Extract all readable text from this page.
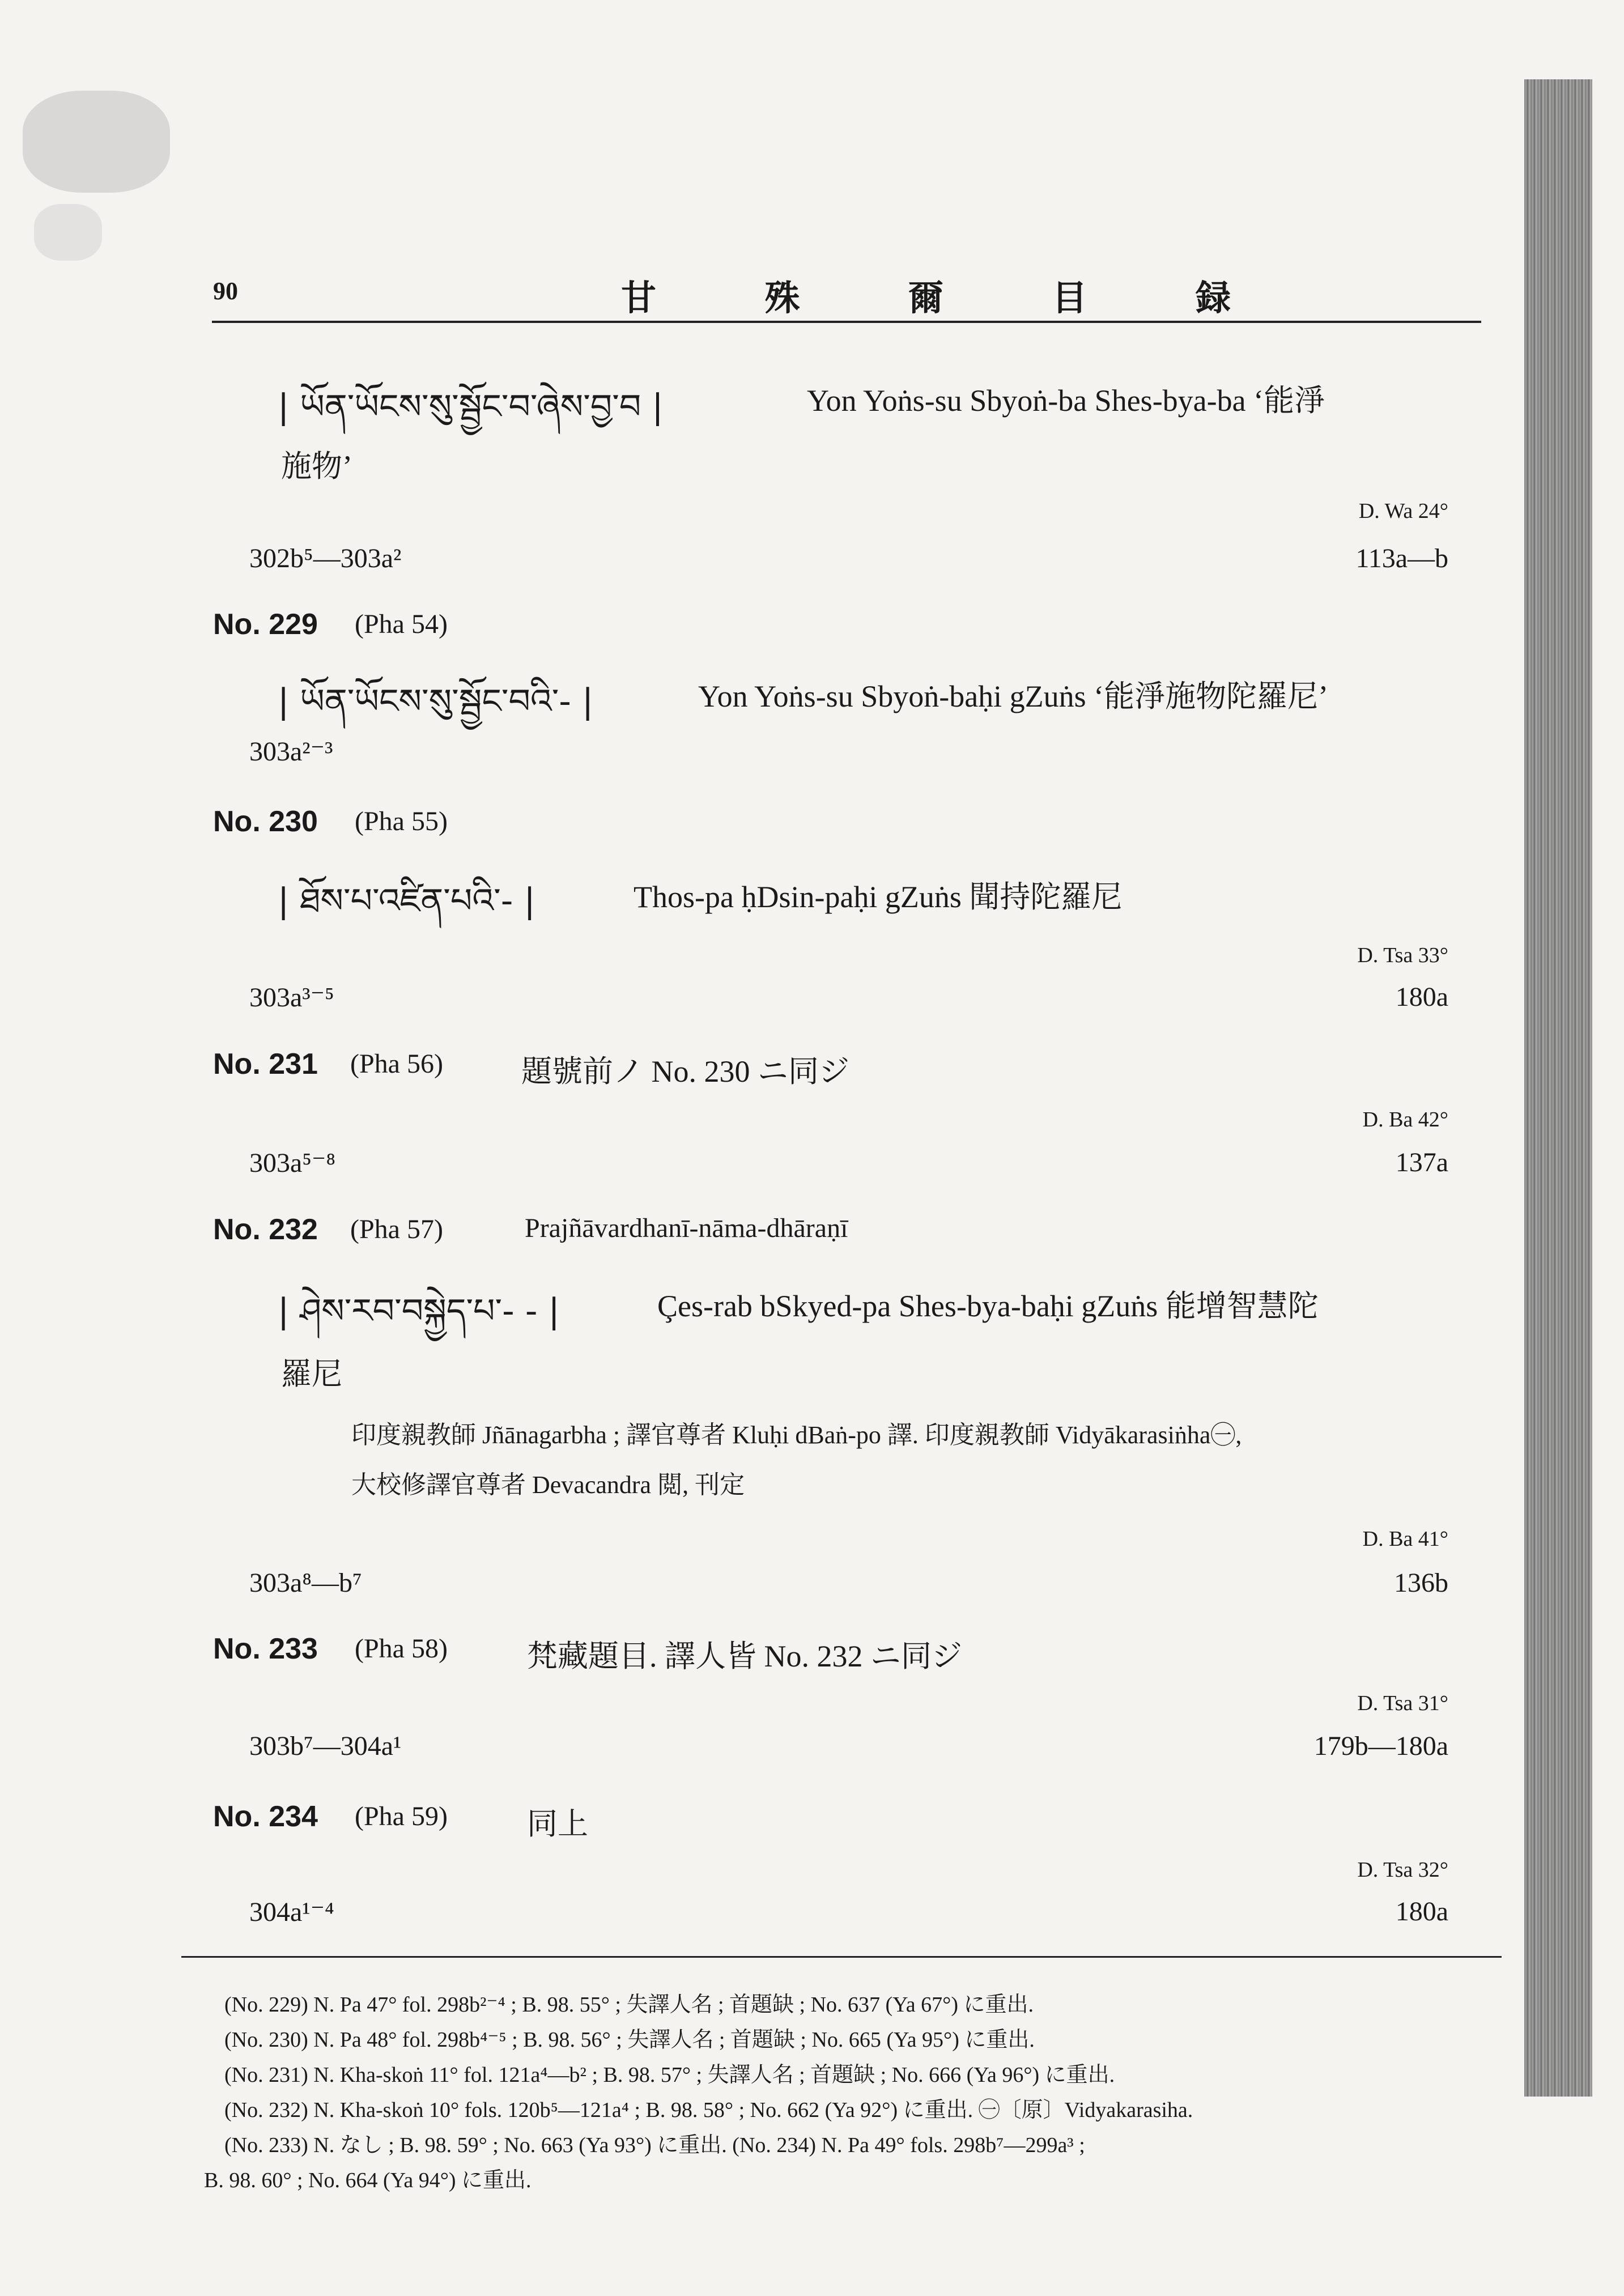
90	甘 殊 爾 目 録
| ཡོན་ཡོངས་སུ་སྦྱོང་བ་ཞེས་བྱ་བ |	Yon Yoṅs-su Sbyoṅ-ba Shes-bya-ba ‘能淨
施物’
D. Wa 24°
302b⁵—303a²	113a—b
No. 229 (Pha 54)
| ཡོན་ཡོངས་སུ་སྦྱོང་བའི་- |	Yon Yoṅs-su Sbyoṅ-baḥi gZuṅs ‘能淨施物陀羅尼’
303a²⁻³
No. 230 (Pha 55)
| ཐོས་པ་འཛིན་པའི་- |	Thos-pa ḥDsin-paḥi gZuṅs 聞持陀羅尼
D. Tsa 33°
303a³⁻⁵	180a
No. 231 (Pha 56)	題號前ノ No. 230 ニ同ジ
D. Ba 42°
303a⁵⁻⁸	137a
No. 232 (Pha 57)	Prajñāvardhanī-nāma-dhāraṇī
| ཤེས་རབ་བསྐྱེད་པ་- - |	Çes-rab bSkyed-pa Shes-bya-baḥi gZuṅs 能增智慧陀
羅尼
印度親教師 Jñānagarbha ; 譯官尊者 Kluḥi dBaṅ-po 譯. 印度親教師 Vidyākarasiṅha㊀,
大校修譯官尊者 Devacandra 閲, 刊定
D. Ba 41°
303a⁸—b⁷	136b
No. 233 (Pha 58)	梵藏題目. 譯人皆 No. 232 ニ同ジ
D. Tsa 31°
303b⁷—304a¹	179b—180a
No. 234 (Pha 59)	同上
D. Tsa 32°
304a¹⁻⁴	180a
(No. 229) N. Pa 47° fol. 298b²⁻⁴ ; B. 98. 55° ; 失譯人名 ; 首題缺 ; No. 637 (Ya 67°) に重出.
(No. 230) N. Pa 48° fol. 298b⁴⁻⁵ ; B. 98. 56° ; 失譯人名 ; 首題缺 ; No. 665 (Ya 95°) に重出.
(No. 231) N. Kha-skoṅ 11° fol. 121a⁴—b² ; B. 98. 57° ; 失譯人名 ; 首題缺 ; No. 666 (Ya 96°) に重出.
(No. 232) N. Kha-skoṅ 10° fols. 120b⁵—121a⁴ ; B. 98. 58° ; No. 662 (Ya 92°) に重出. ㊀〔原〕Vidyakarasiha.
(No. 233) N. なし ; B. 98. 59° ; No. 663 (Ya 93°) に重出. (No. 234) N. Pa 49° fols. 298b⁷—299a³ ;
B. 98. 60° ; No. 664 (Ya 94°) に重出.
